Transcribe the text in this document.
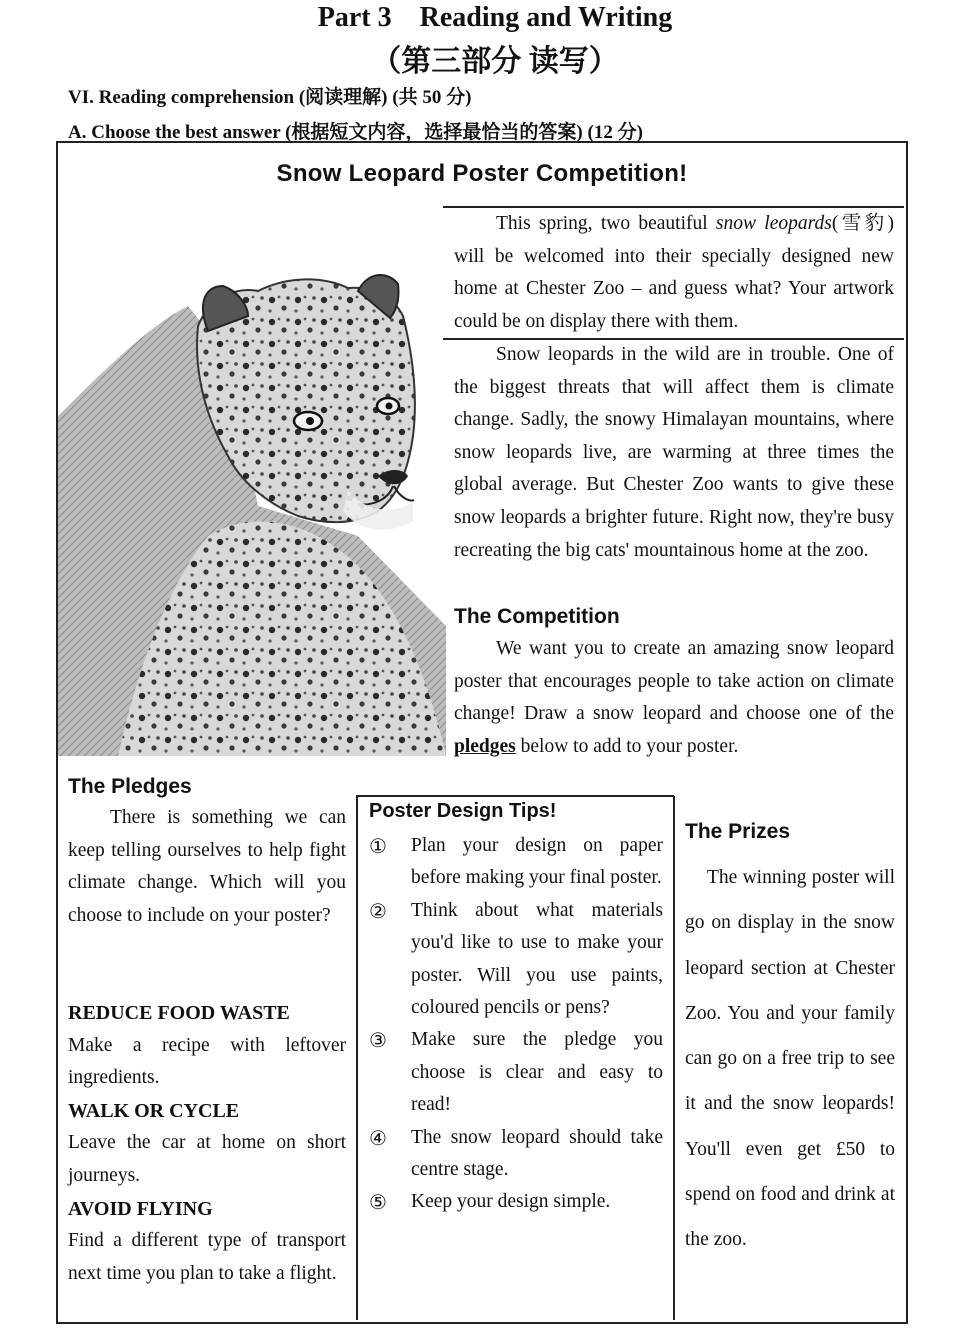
Part 3    Reading and Writing
（第三部分 读写）
VI. Reading comprehension (阅读理解) (共 50 分)
A. Choose the best answer (根据短文内容，选择最恰当的答案) (12 分)
Snow Leopard Poster Competition!

This spring, two beautiful snow leopards(雪豹) will be welcomed into their specially designed new home at Chester Zoo – and guess what? Your artwork could be on display there with them.

Snow leopards in the wild are in trouble. One of the biggest threats that will affect them is climate change. Sadly, the snowy Himalayan mountains, where snow leopards live, are warming at three times the global average. But Chester Zoo wants to give these snow leopards a brighter future. Right now, they're busy recreating the big cats' mountainous home at the zoo.

The Competition

We want you to create an amazing snow leopard poster that encourages people to take action on climate change! Draw a snow leopard and choose one of the pledges below to add to your poster.

The Pledges

There is something we can keep telling ourselves to help fight climate change. Which will you choose to include on your poster?

REDUCE FOOD WASTE
Make a recipe with leftover ingredients.
WALK OR CYCLE
Leave the car at home on short journeys.
AVOID FLYING
Find a different type of transport next time you plan to take a flight.
Poster Design Tips!
①	Plan your design on paper before making your final poster.
②	Think about what materials you'd like to use to make your poster. Will you use paints, coloured pencils or pens?
③	Make sure the pledge you choose is clear and easy to read!
④	The snow leopard should take centre stage.
⑤	Keep your design simple.
The Prizes

The winning poster will go on display in the snow leopard section at Chester Zoo. You and your family can go on a free trip to see it and the snow leopards! You'll even get £50 to spend on food and drink at the zoo.
